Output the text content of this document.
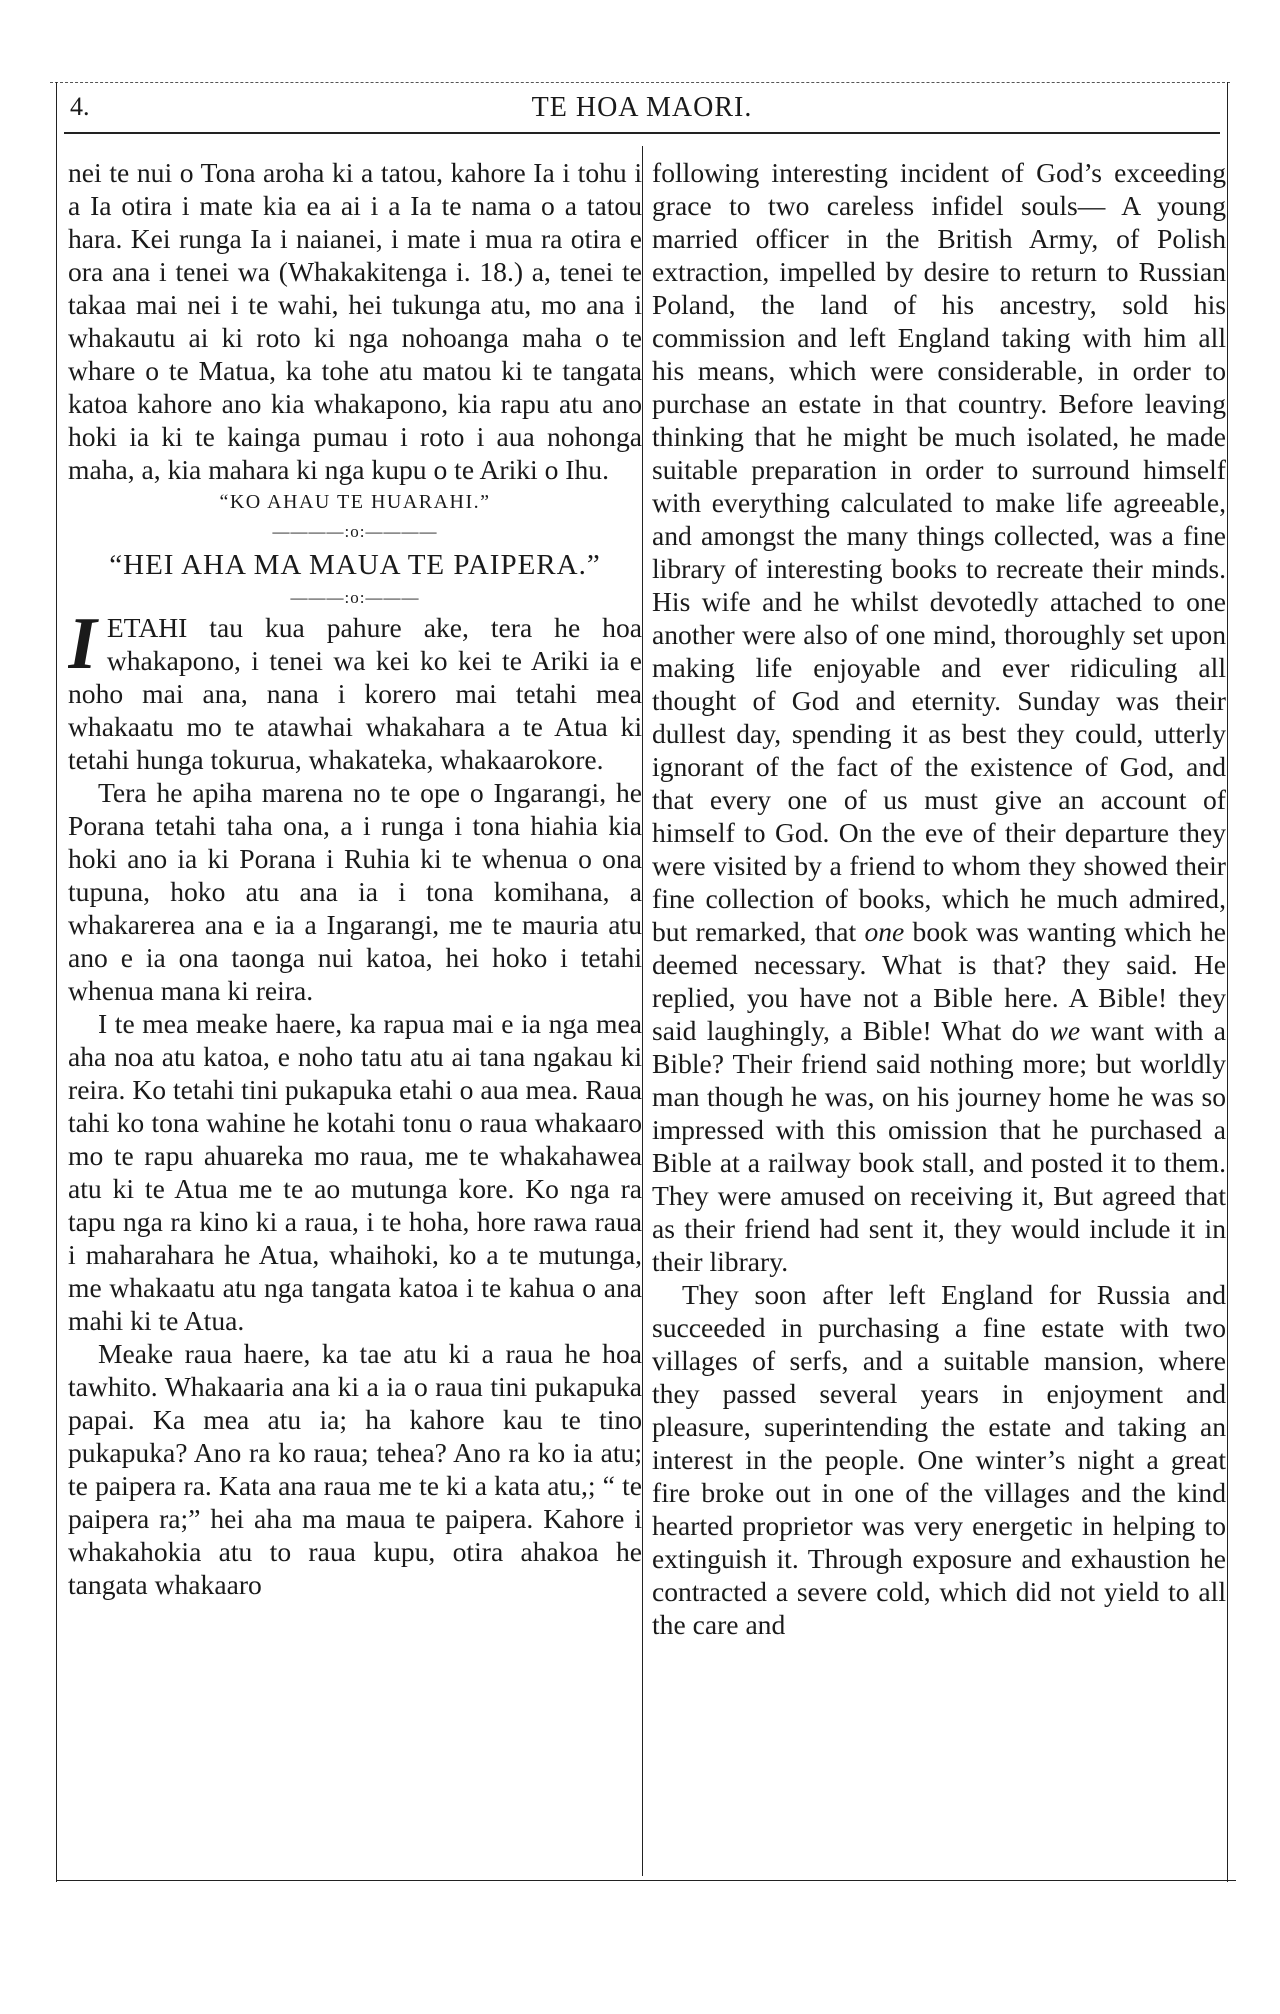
4.	TE HOA MAORI.

nei te nui o Tona aroha ki a tatou, kahore Ia i tohu i a Ia otira i mate kia ea ai i a Ia te nama o a tatou hara. Kei runga Ia i naianei, i mate i mua ra otira e ora ana i tenei wa (Whakakitenga i. 18.) a, tenei te takaa mai nei i te wahi, hei tukunga atu, mo ana i whakautu ai ki roto ki nga nohoanga maha o te whare o te Matua, ka tohe atu matou ki te tangata katoa kahore ano kia whakapono, kia rapu atu ano hoki ia ki te kainga pumau i roto i aua nohonga maha, a, kia mahara ki nga kupu o te Ariki o Ihu.

“KO AHAU TE HUARAHI.”

————:o:————

“HEI AHA MA MAUA TE PAIPERA.”

———:o:———

IETAHI tau kua pahure ake, tera he hoa whakapono, i tenei wa kei ko kei te Ariki ia e noho mai ana, nana i korero mai tetahi mea whakaatu mo te atawhai whakahara a te Atua ki tetahi hunga tokurua, whakateka, whakaarokore.

Tera he apiha marena no te ope o Ingarangi, he Porana tetahi taha ona, a i runga i tona hiahia kia hoki ano ia ki Porana i Ruhia ki te whenua o ona tupuna, hoko atu ana ia i tona komihana, a whakarerea ana e ia a Ingarangi, me te mauria atu ano e ia ona taonga nui katoa, hei hoko i tetahi whenua mana ki reira.

I te mea meake haere, ka rapua mai e ia nga mea aha noa atu katoa, e noho tatu atu ai tana ngakau ki reira. Ko tetahi tini pukapuka etahi o aua mea. Raua tahi ko tona wahine he kotahi tonu o raua whakaaro mo te rapu ahuareka mo raua, me te whakahawea atu ki te Atua me te ao mutunga kore. Ko nga ra tapu nga ra kino ki a raua, i te hoha, hore rawa raua i maharahara he Atua, whaihoki, ko a te mutunga, me whakaatu atu nga tangata katoa i te kahua o ana mahi ki te Atua.

Meake raua haere, ka tae atu ki a raua he hoa tawhito. Whakaaria ana ki a ia o raua tini pukapuka papai. Ka mea atu ia; ha kahore kau te tino pukapuka? Ano ra ko raua; tehea? Ano ra ko ia atu; te paipera ra. Kata ana raua me te ki a kata atu,; “ te paipera ra;” hei aha ma maua te paipera. Kahore i whakahokia atu to raua kupu, otira ahakoa he tangata whakaaro

following interesting incident of God’s exceeding grace to two careless infidel souls— A young married officer in the British Army, of Polish extraction, impelled by desire to return to Russian Poland, the land of his ancestry, sold his commission and left England taking with him all his means, which were considerable, in order to purchase an estate in that country. Before leaving thinking that he might be much isolated, he made suitable preparation in order to surround himself with everything calculated to make life agreeable, and amongst the many things collected, was a fine library of interesting books to recreate their minds. His wife and he whilst devotedly attached to one another were also of one mind, thoroughly set upon making life enjoyable and ever ridiculing all thought of God and eternity. Sunday was their dullest day, spending it as best they could, utterly ignorant of the fact of the existence of God, and that every one of us must give an account of himself to God. On the eve of their departure they were visited by a friend to whom they showed their fine collection of books, which he much admired, but remarked, that one book was wanting which he deemed necessary. What is that? they said. He replied, you have not a Bible here. A Bible! they said laughingly, a Bible! What do we want with a Bible? Their friend said nothing more; but worldly man though he was, on his journey home he was so impressed with this omission that he purchased a Bible at a railway book stall, and posted it to them. They were amused on receiving it, But agreed that as their friend had sent it, they would include it in their library.

They soon after left England for Russia and succeeded in purchasing a fine estate with two villages of serfs, and a suitable mansion, where they passed several years in enjoyment and pleasure, superintending the estate and taking an interest in the people. One winter’s night a great fire broke out in one of the villages and the kind hearted proprietor was very energetic in helping to extinguish it. Through exposure and exhaustion he contracted a severe cold, which did not yield to all the care and
